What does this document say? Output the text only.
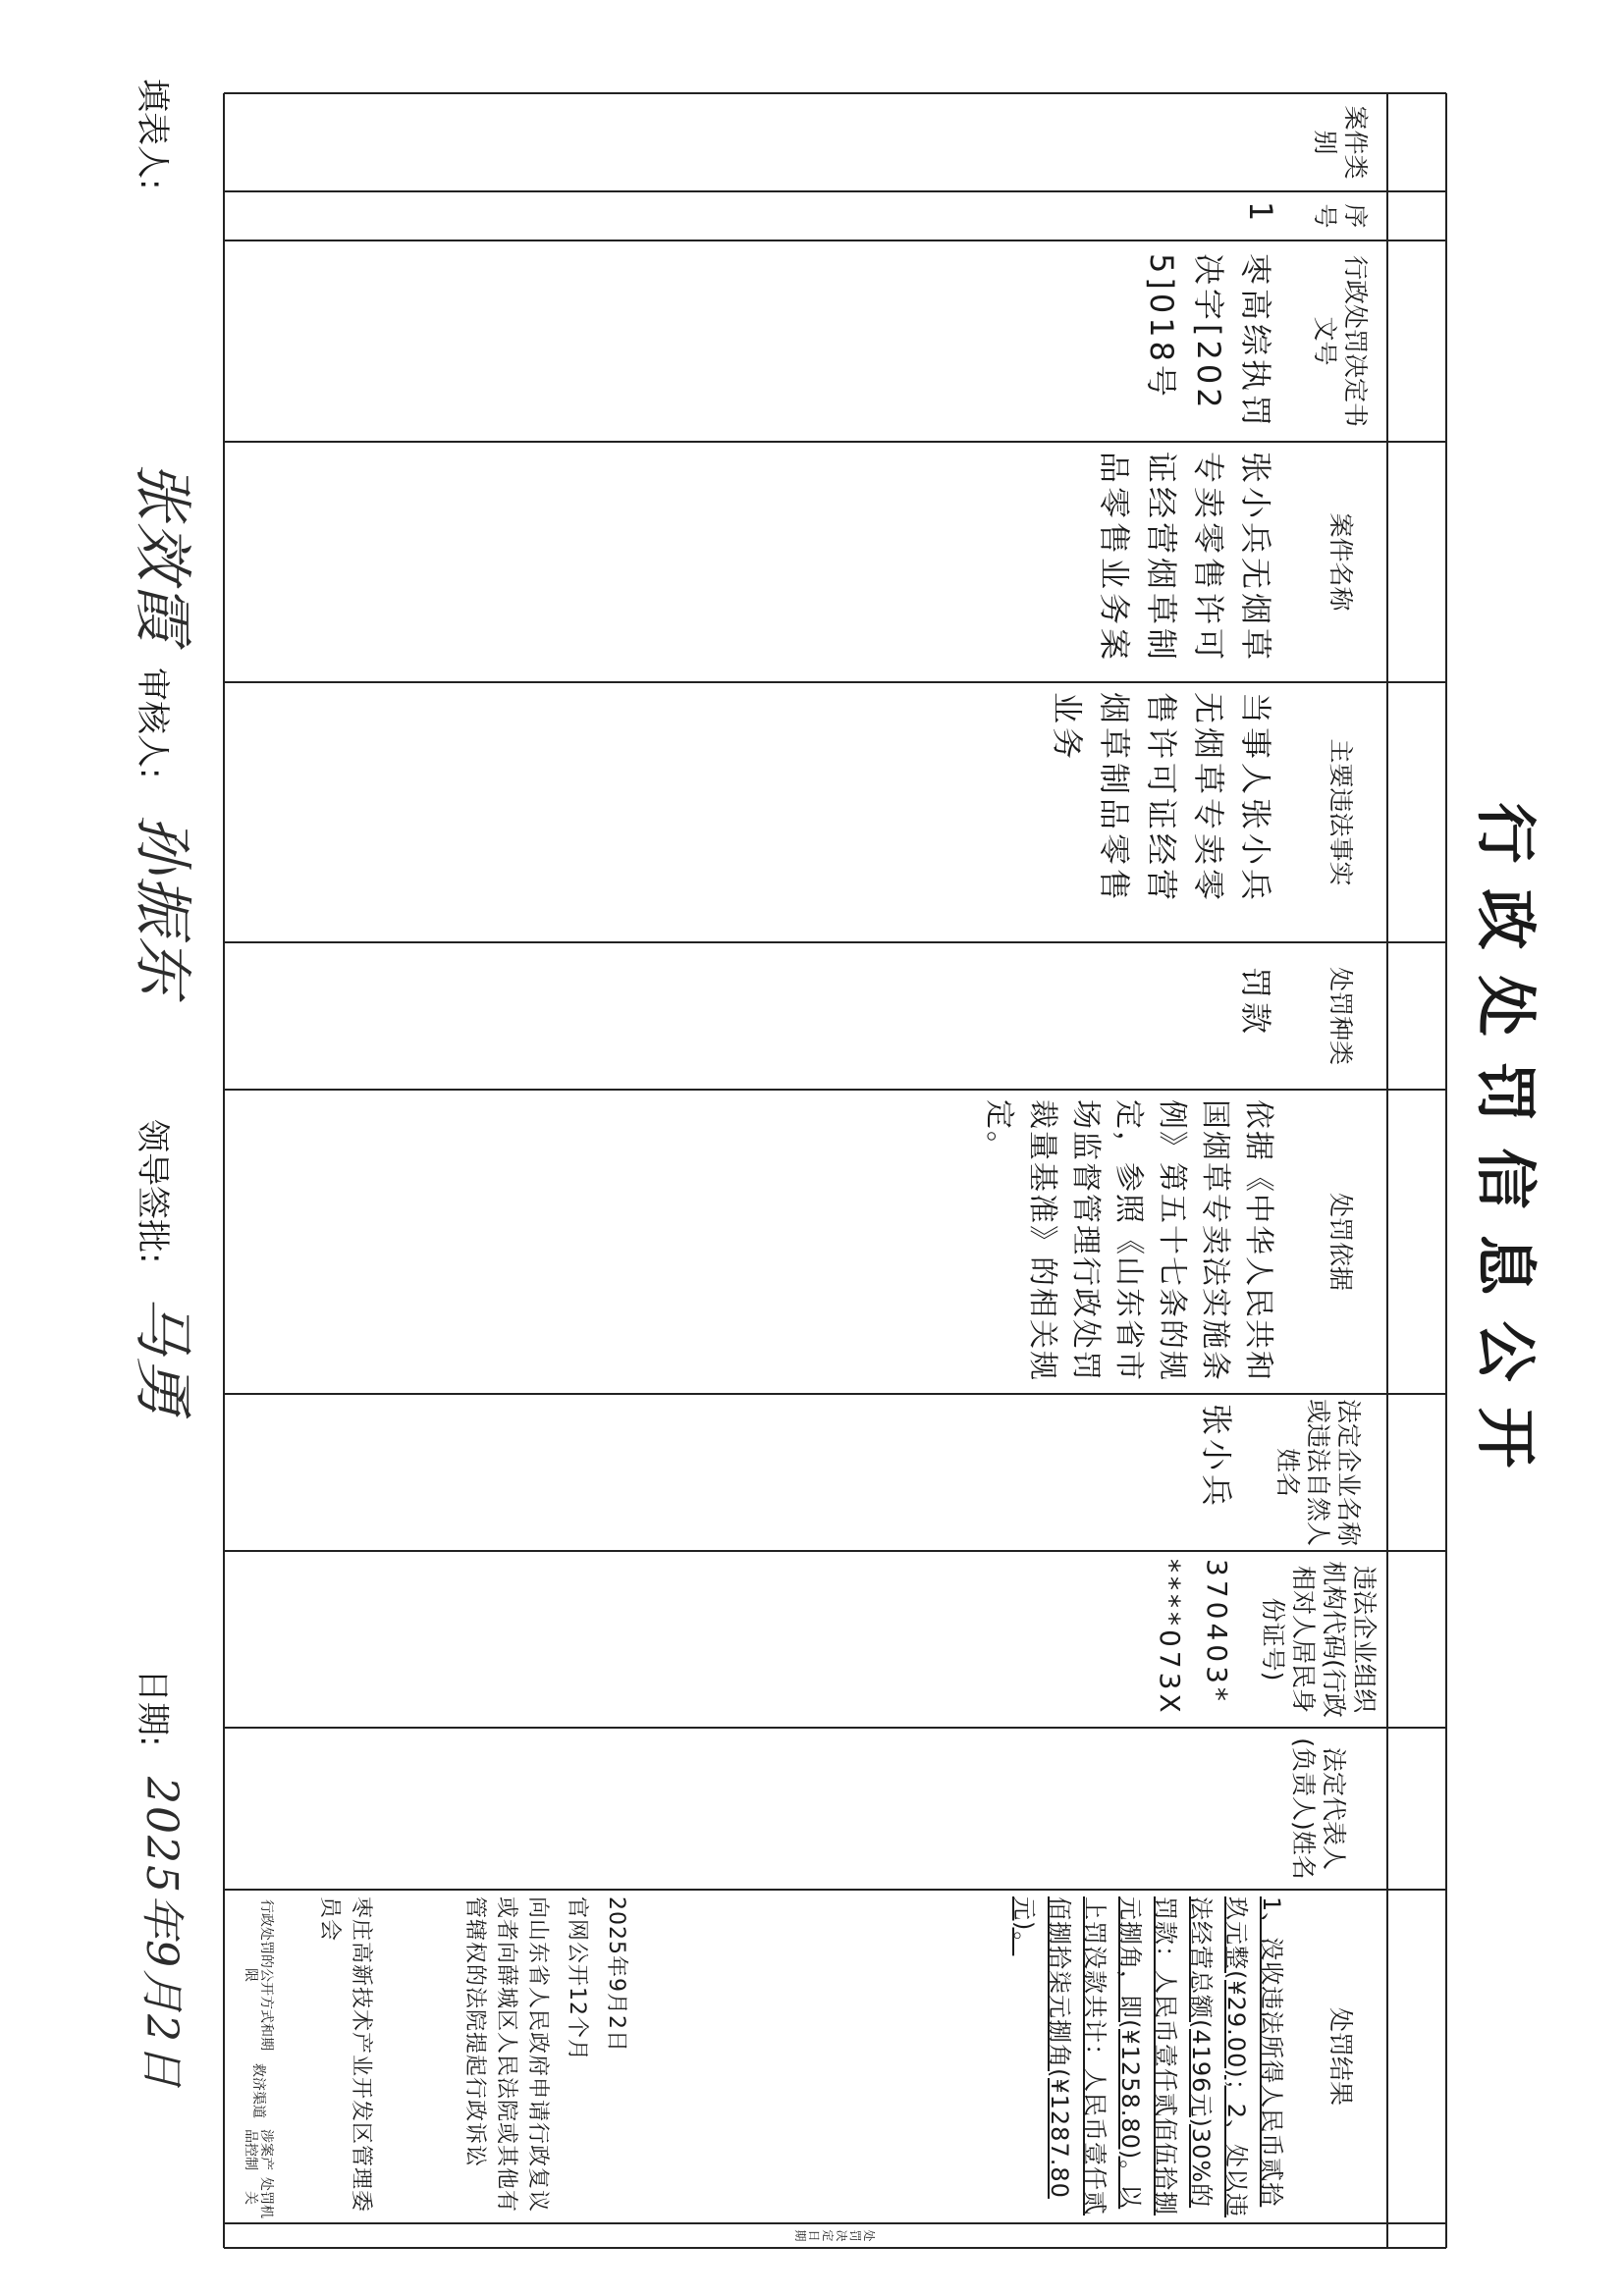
行政处罚信息公开
填表人:
张效霞
审核人:
孙振东
领导签批:
马勇
日期:
2025年9月2日
案件类别
序号
行政处罚决定书文号
案件名称
主要违法事实
处罚种类
处罚依据
法定企业名称或违法自然人姓名
违法企业组织机构代码(行政相对人居民身份证号)
法定代表人(负责人)姓名
处罚结果
处罚决定日期
1
枣高综执罚决字[2025]018号
张小兵无烟草专卖零售许可证经营烟草制品零售业务案
当事人张小兵无烟草专卖零售许可证经营烟草制品零售业务
罚款
依据《中华人民共和国烟草专卖法实施条例》第五十七条的规定，参照《山东省市场监督管理行政处罚裁量基准》的相关规定。
张小兵
370403*****073X
1、没收违法所得人民币贰拾玖元整(¥29.00)；2、处以违法经营总额(4196元)30%的罚款：人民币壹仟贰佰伍拾捌元捌角，即(¥1258.80)。以上罚没款共计：人民币壹仟贰佰捌拾柒元捌角(¥1287.80元)。
2025年9月2日
官网公开12个月
向山东省人民政府申请行政复议或者向薛城区人民法院或其他有管辖权的法院提起行政诉讼
枣庄高新技术产业开发区管理委员会
行政处罚的公开方式和期限
救济渠道
涉案产品控制
处罚机关
